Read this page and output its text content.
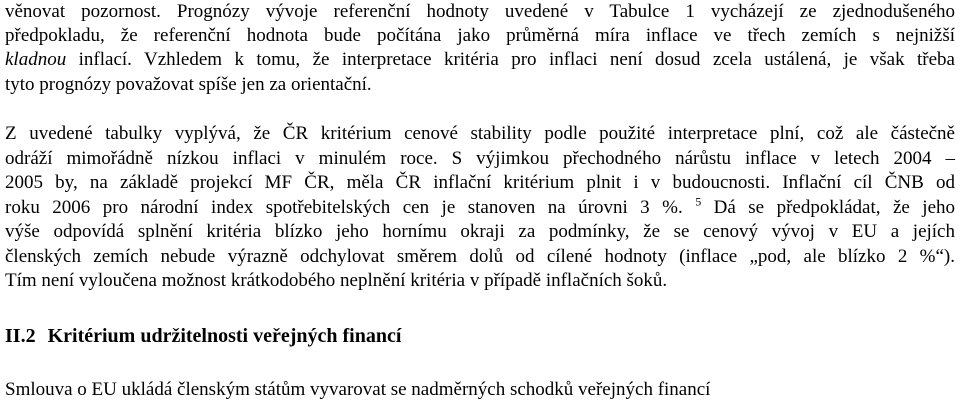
věnovat pozornost. Prognózy vývoje referenční hodnoty uvedené v Tabulce 1 vycházejí ze zjednodušeného
předpokladu, že referenční hodnota bude počítána jako průměrná míra inflace ve třech zemích s nejnižší
kladnou inflací. Vzhledem k tomu, že interpretace kritéria pro inflaci není dosud zcela ustálená, je však třeba
tyto prognózy považovat spíše jen za orientační.
Z uvedené tabulky vyplývá, že ČR kritérium cenové stability podle použité interpretace plní, což ale částečně
odráží mimořádně nízkou inflaci v minulém roce. S výjimkou přechodného nárůstu inflace v letech 2004 –
2005 by, na základě projekcí MF ČR, měla ČR inflační kritérium plnit i v budoucnosti. Inflační cíl ČNB od
roku 2006 pro národní index spotřebitelských cen je stanoven na úrovni 3 %. $^5$ Dá se předpokládat, že jeho
výše odpovídá splnění kritéria blízko jeho hornímu okraji za podmínky, že se cenový vývoj v EU a jejích
členských zemích nebude výrazně odchylovat směrem dolů od cílené hodnoty (inflace „pod, ale blízko 2 %“).
Tím není vyloučena možnost krátkodobého neplnění kritéria v případě inflačních šoků.
II.2 Kritérium udržitelnosti veřejných financí
Smlouva o EU ukládá členským státům vyvarovat se nadměrných schodků veřejných financí
